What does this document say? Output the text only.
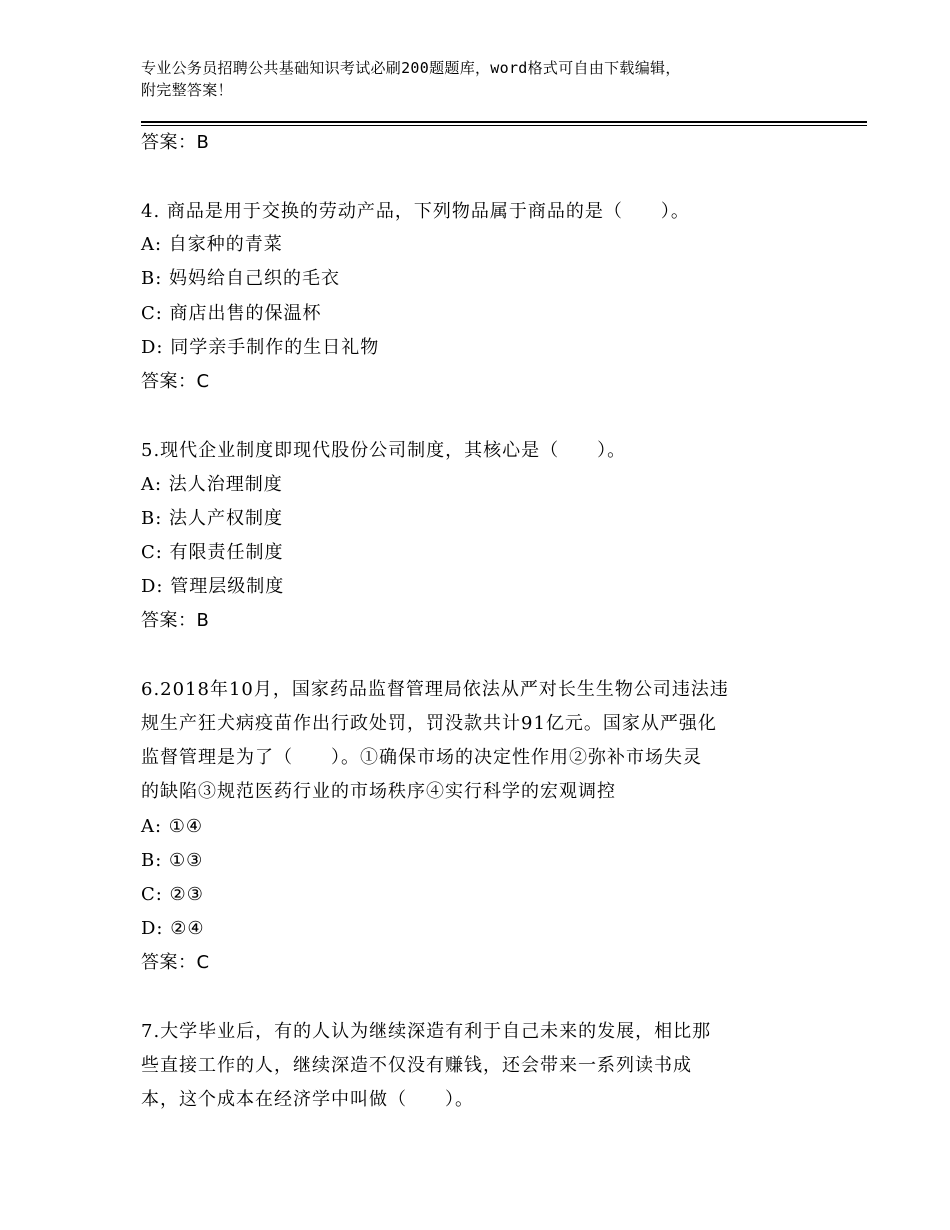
专业公务员招聘公共基础知识考试必刷200题题库，word格式可自由下载编辑，
附完整答案！
答案：B
4. 商品是用于交换的劳动产品，下列物品属于商品的是（　　）。
A: 自家种的青菜
B: 妈妈给自己织的毛衣
C: 商店出售的保温杯
D: 同学亲手制作的生日礼物
答案：C
5.现代企业制度即现代股份公司制度，其核心是（　　）。
A: 法人治理制度
B: 法人产权制度
C: 有限责任制度
D: 管理层级制度
答案：B
6.2018年10月，国家药品监督管理局依法从严对长生生物公司违法违
规生产狂犬病疫苗作出行政处罚，罚没款共计91亿元。国家从严强化
监督管理是为了（　　）。①确保市场的决定性作用②弥补市场失灵
的缺陷③规范医药行业的市场秩序④实行科学的宏观调控
A: ①④
B: ①③
C: ②③
D: ②④
答案：C
7.大学毕业后，有的人认为继续深造有利于自己未来的发展，相比那
些直接工作的人，继续深造不仅没有赚钱，还会带来一系列读书成
本，这个成本在经济学中叫做（　　）。
